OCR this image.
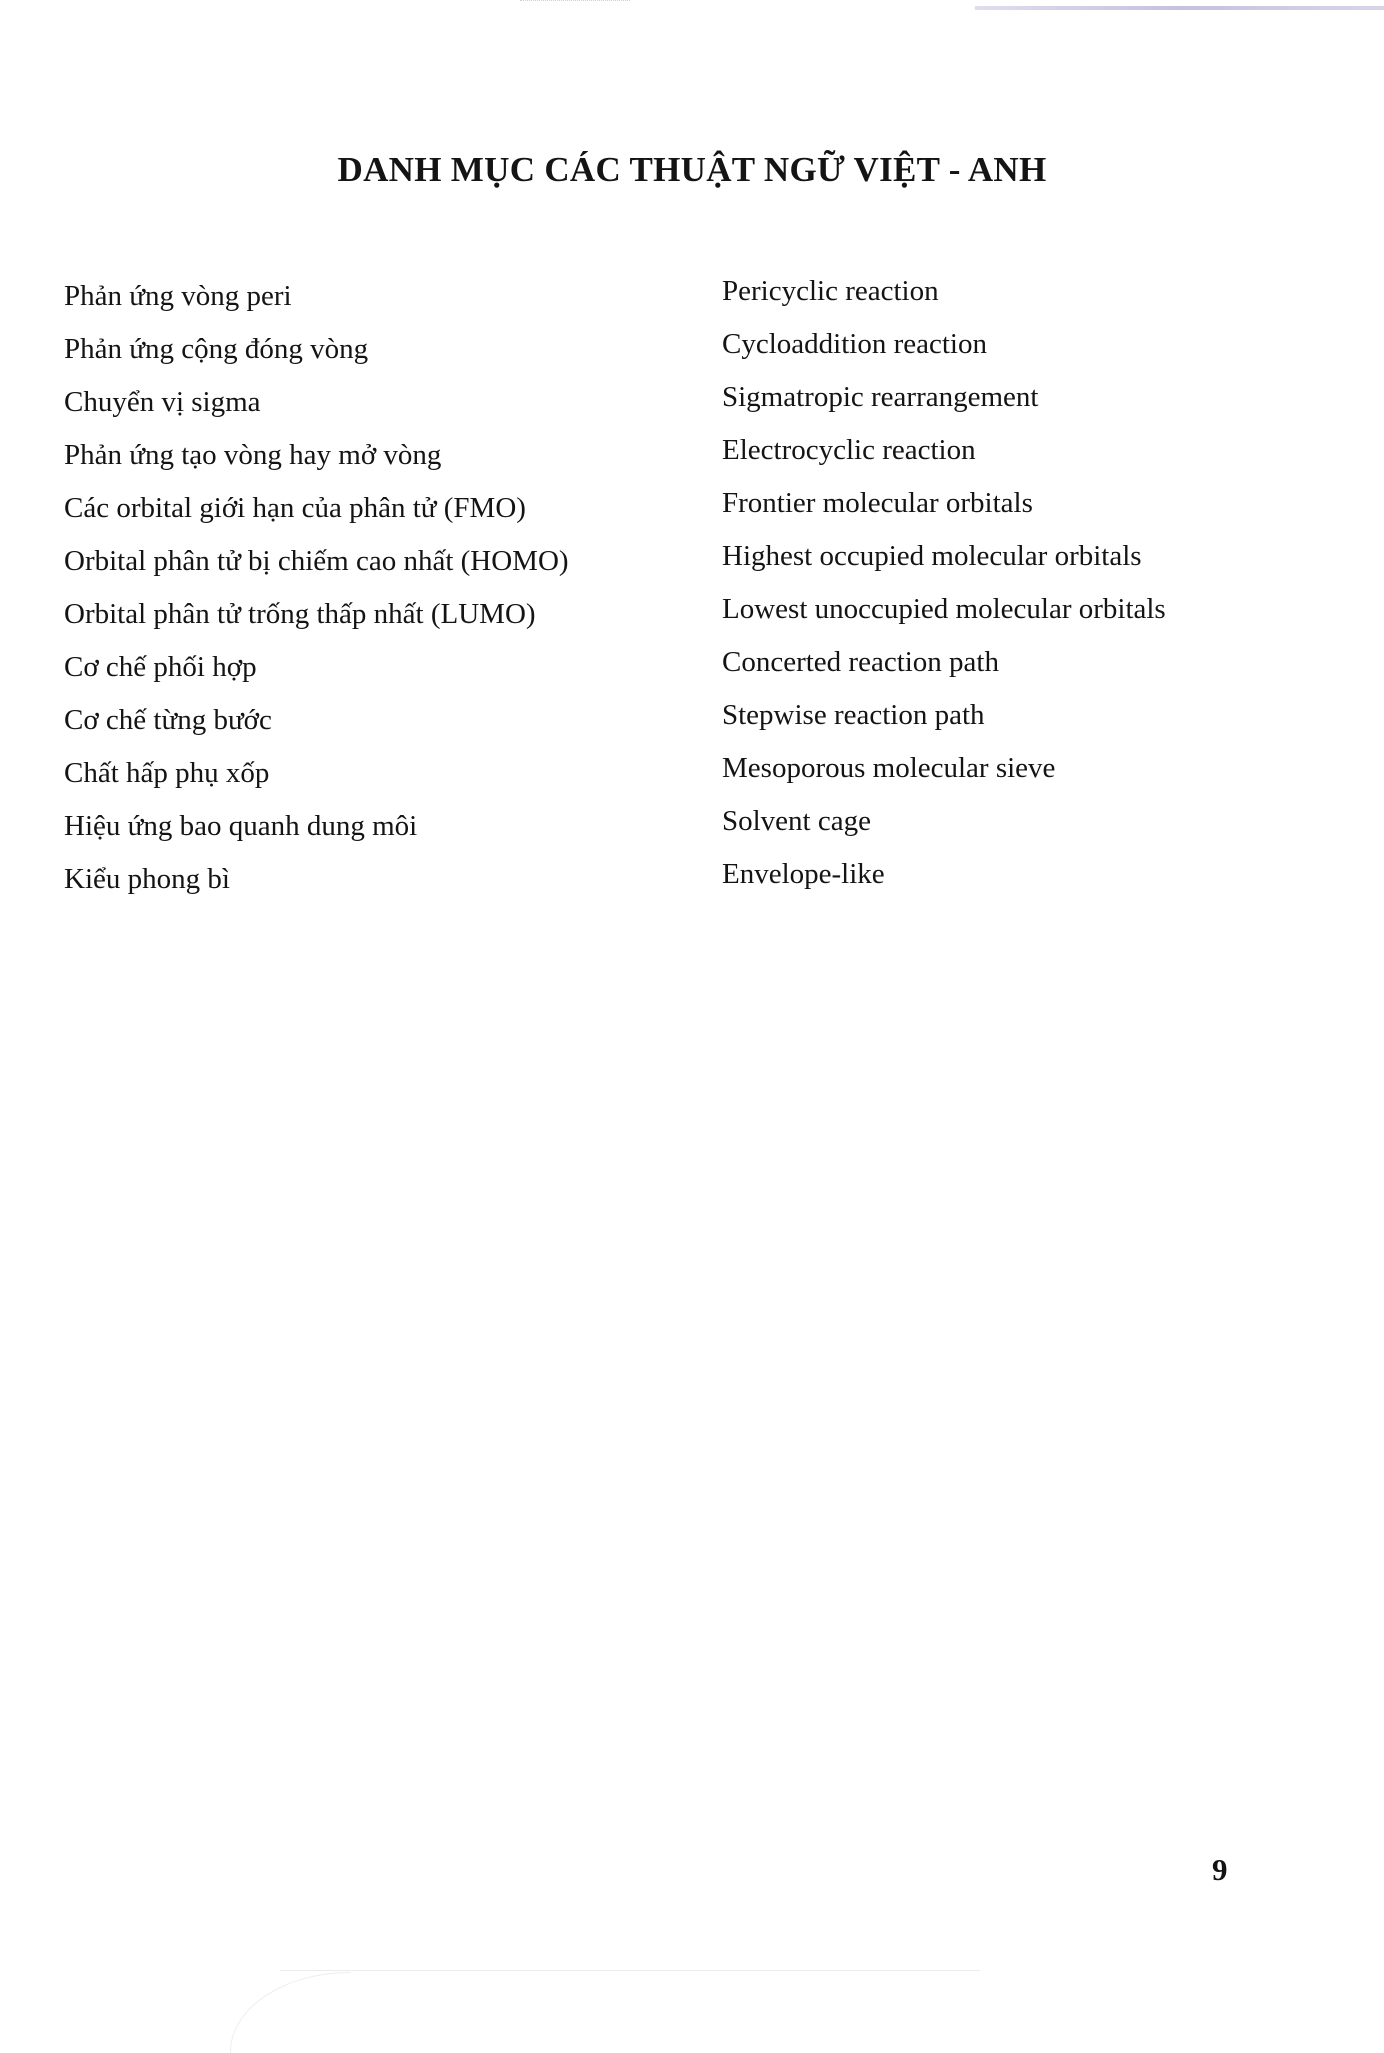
DANH MỤC CÁC THUẬT NGỮ VIỆT - ANH
Phản ứng vòng peri	Pericyclic reaction
Phản ứng cộng đóng vòng	Cycloaddition reaction
Chuyển vị sigma	Sigmatropic rearrangement
Phản ứng tạo vòng hay mở vòng	Electrocyclic reaction
Các orbital giới hạn của phân tử (FMO)	Frontier molecular orbitals
Orbital phân tử bị chiếm cao nhất (HOMO)	Highest occupied molecular orbitals
Orbital phân tử trống thấp nhất (LUMO)	Lowest unoccupied molecular orbitals
Cơ chế phối hợp	Concerted reaction path
Cơ chế từng bước	Stepwise reaction path
Chất hấp phụ xốp	Mesoporous molecular sieve
Hiệu ứng bao quanh dung môi	Solvent cage
Kiểu phong bì	Envelope-like
9
